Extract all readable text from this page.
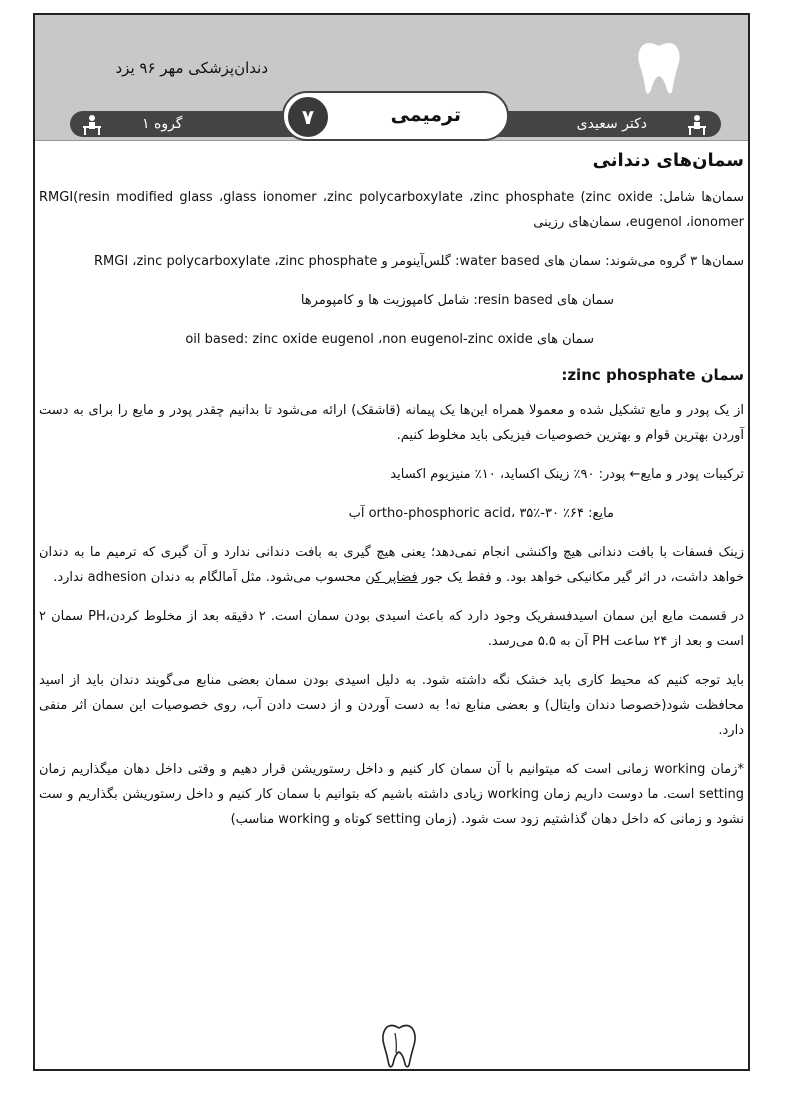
دندان‌پزشکی مهر ۹۶ یزد
دکتر سعیدی
گروه ۱	ترمیمی
۷
سمان‌های دندانی

سمان‌ها شامل: RMGI(resin modified glass ،glass ionomer ،zinc polycarboxylate ،zinc phosphate (zinc oxide eugenol ،ionomer، سمان‌های رزینی

سمان‌ها ۳ گروه می‌شوند: سمان های water based: گلس‌آینومر و RMGI ،zinc polycarboxylate ،zinc phosphate

سمان های resin based: شامل کامپوزیت ها و کامپومرها

سمان های oil based: zinc oxide eugenol ،non eugenol-zinc oxide

سمان zinc phosphate:

از یک پودر و مایع تشکیل شده و معمولا همراه این‌ها یک پیمانه (قاشقک) ارائه می‌شود تا بدانیم چقدر پودر و مایع را برای به دست آوردن بهترین قوام و بهترین خصوصیات فیزیکی باید مخلوط کنیم.

ترکیبات پودر و مایع← پودر: ۹۰٪ زینک اکساید، ۱۰٪ منیزیوم اکساید

مایع: ۶۴٪ ortho-phosphoric acid، ۳۵٪-۳۰ آب

زینک فسفات با بافت دندانی هیچ واکنشی انجام نمی‌دهد؛ یعنی هیچ گیری به بافت دندانی ندارد و آن گیری که ترمیم ما به دندان خواهد داشت، در اثر گیر مکانیکی خواهد بود. و فقط یک جور فضاپر کن محسوب می‌شود. مثل آمالگام به دندان adhesion ندارد.

در قسمت مایع این سمان اسیدفسفریک وجود دارد که باعث اسیدی بودن سمان است. ۲ دقیقه بعد از مخلوط کردن،PH سمان ۲ است و بعد از ۲۴ ساعت PH آن به ۵.۵ می‌رسد.

باید توجه کنیم که محیط کاری باید خشک نگه داشته شود. به دلیل اسیدی بودن سمان بعضی منابع می‌گویند دندان باید از اسید محافظت شود(خصوصا دندان وایتال) و بعضی منابع نه! به دست آوردن و از دست دادن آب، روی خصوصیات این سمان اثر منفی دارد.

*زمان working زمانی است که میتوانیم با آن سمان کار کنیم و داخل رستوریشن قرار دهیم و وقتی داخل دهان میگذاریم زمان setting است. ما دوست داریم زمان working زیادی داشته باشیم که بتوانیم با سمان کار کنیم و داخل رستوریشن بگذاریم و ست نشود و زمانی که داخل دهان گذاشتیم زود ست شود. (زمان setting کوتاه و working مناسب)
